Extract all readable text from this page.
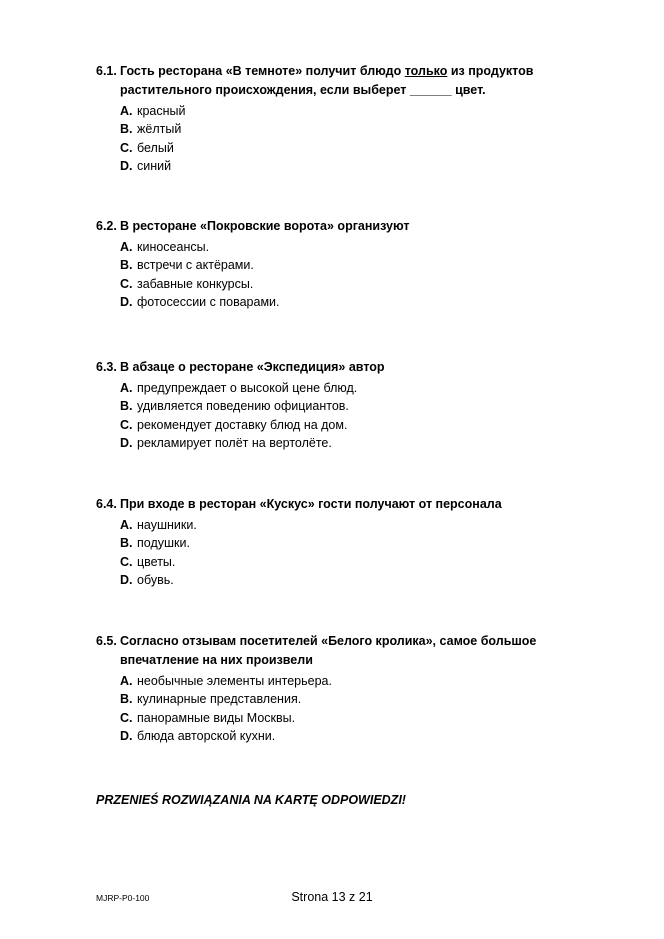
6.1. Гость ресторана «В темноте» получит блюдо только из продуктов растительного происхождения, если выберет ______ цвет.
A. красный
B. жёлтый
C. белый
D. синий
6.2. В ресторане «Покровские ворота» организуют
A. киносеансы.
B. встречи с актёрами.
C. забавные конкурсы.
D. фотосессии с поварами.
6.3. В абзаце о ресторане «Экспедиция» автор
A. предупреждает о высокой цене блюд.
B. удивляется поведению официантов.
C. рекомендует доставку блюд на дом.
D. рекламирует полёт на вертолёте.
6.4. При входе в ресторан «Кускус» гости получают от персонала
A. наушники.
B. подушки.
C. цветы.
D. обувь.
6.5. Согласно отзывам посетителей «Белого кролика», самое большое впечатление на них произвели
A. необычные элементы интерьера.
B. кулинарные представления.
C. панорамные виды Москвы.
D. блюда авторской кухни.
PRZENIEŚ ROZWIĄZANIA NA KARTĘ ODPOWIEDZI!
MJRP-P0-100	Strona 13 z 21
